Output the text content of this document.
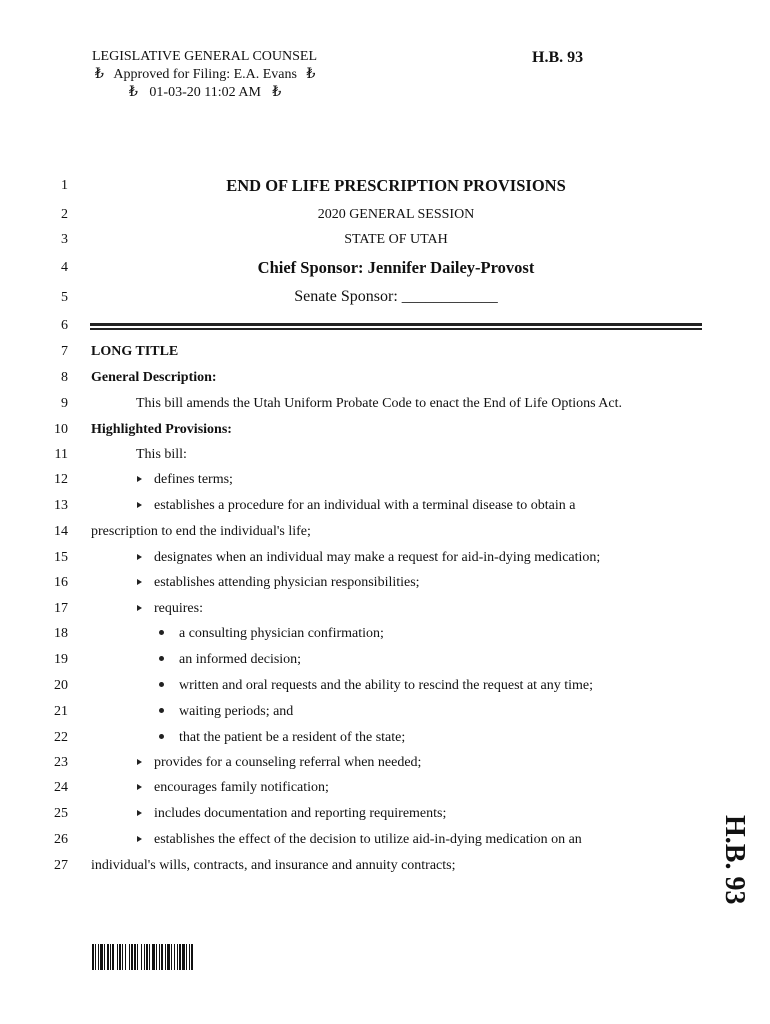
LEGISLATIVE GENERAL COUNSEL
₺ Approved for Filing: E.A. Evans ₺
₺ 01-03-20 11:02 AM ₺
H.B. 93
1
2
3
4
5
6
7
8
9
10
11
12
13
14
15
16
17
18
19
20
21
22
23
24
25
26
27
END OF LIFE PRESCRIPTION PROVISIONS
2020 GENERAL SESSION
STATE OF UTAH
Chief Sponsor: Jennifer Dailey-Provost
Senate Sponsor: ____________
LONG TITLE
General Description:
This bill amends the Utah Uniform Probate Code to enact the End of Life Options Act.
Highlighted Provisions:
This bill:
defines terms;
establishes a procedure for an individual with a terminal disease to obtain a
prescription to end the individual's life;
designates when an individual may make a request for aid-in-dying medication;
establishes attending physician responsibilities;
requires:
a consulting physician confirmation;
an informed decision;
written and oral requests and the ability to rescind the request at any time;
waiting periods; and
that the patient be a resident of the state;
provides for a counseling referral when needed;
encourages family notification;
includes documentation and reporting requirements;
establishes the effect of the decision to utilize aid-in-dying medication on an
individual's wills, contracts, and insurance and annuity contracts;	H.B. 93
